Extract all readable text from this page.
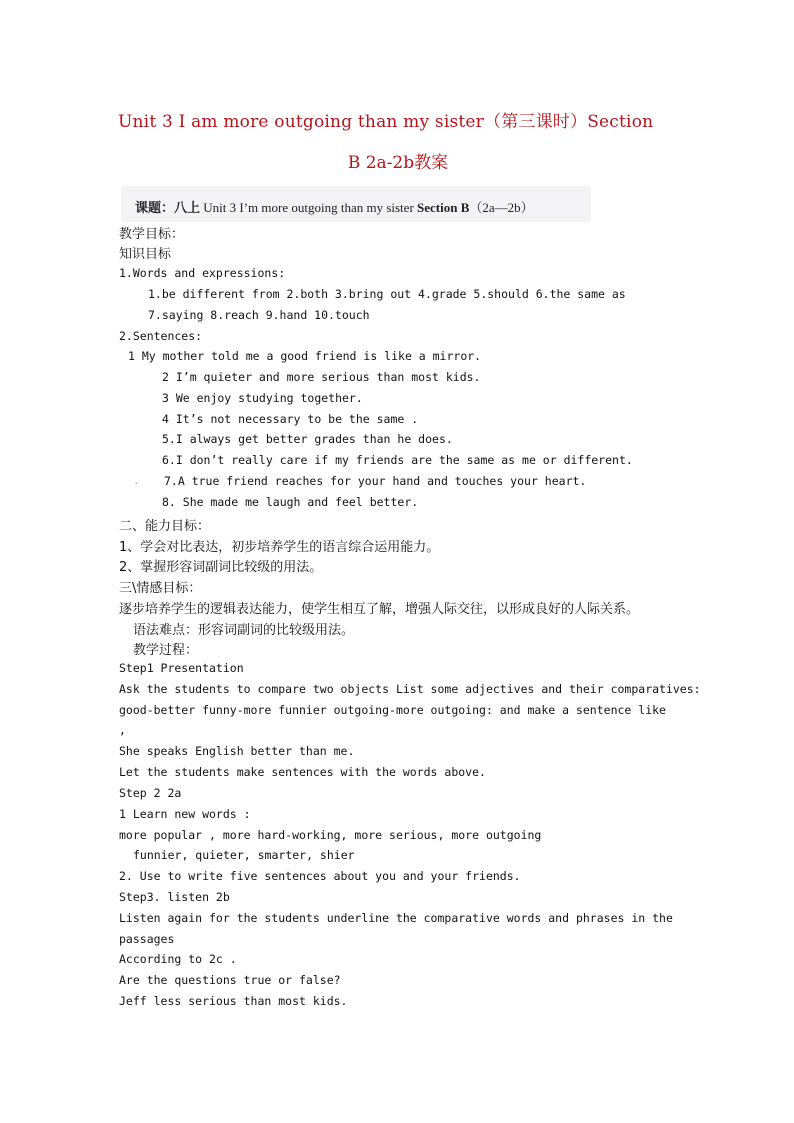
Unit 3 I am more outgoing than my sister（第三课时）Section
B 2a-2b教案
课题：八上 Unit 3 I’m more outgoing than my sister Section B（2a—2b）
教学目标：
知识目标
1.Words and expressions:
1.be different from 2.both 3.bring out 4.grade 5.should 6.the same as
7.saying 8.reach 9.hand 10.touch
2.Sentences:
1 My mother told me a good friend is like a mirror.
2 I’m quieter and more serious than most kids.
3 We enjoy studying together.
4 It’s not necessary to be the same .
5.I always get better grades than he does.
6.I don’t really care if my friends are the same as me or different.
. 7.A true friend reaches for your hand and touches your heart.
8. She made me laugh and feel better.
二、能力目标：
1、学会对比表达，初步培养学生的语言综合运用能力。
2、掌握形容词副词比较级的用法。
三\情感目标：
逐步培养学生的逻辑表达能力，使学生相互了解，增强人际交往，以形成良好的人际关系。
语法难点：形容词副词的比较级用法。
教学过程：
Step1 Presentation
Ask the students to compare two objects List some adjectives and their comparatives:
good-better funny-more funnier outgoing-more outgoing: and make a sentence like
,
She speaks English better than me.
Let the students make sentences with the words above.
Step 2 2a
1 Learn new words :
more popular , more hard-working, more serious, more outgoing
funnier, quieter, smarter, shier
2. Use to write five sentences about you and your friends.
Step3. listen 2b
Listen again for the students underline the comparative words and phrases in the
passages
According to 2c .
Are the questions true or false?
Jeff less serious than most kids.
